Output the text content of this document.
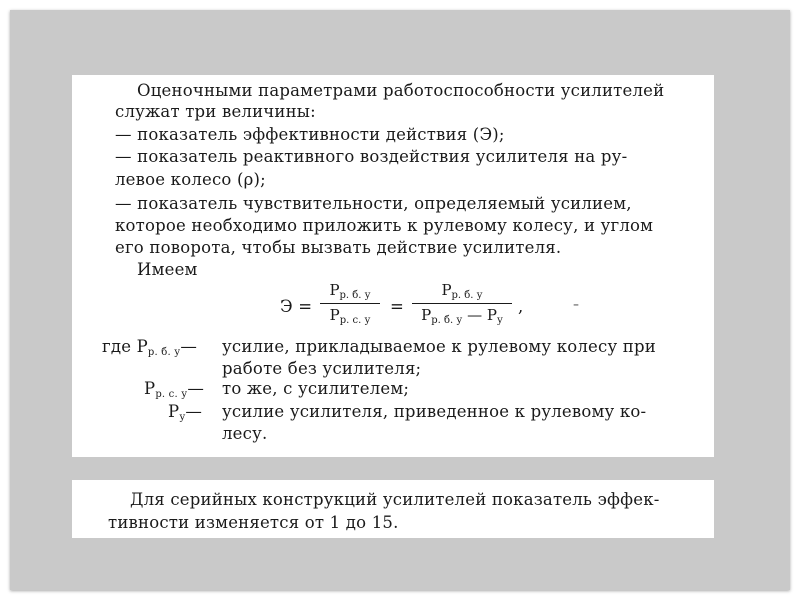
Оценочными параметрами работоспособности усилителей
служат три величины:
— показатель эффективности действия (Э);
— показатель реактивного воздействия усилителя на ру-
левое колесо (ρ);
— показатель чувствительности, определяемый усилием,
которое необходимо приложить к рулевому колесу, и углом
его поворота, чтобы вызвать действие усилителя.
Имеем
Э =
$P_{р. б. у}$
$P_{р. с. у}$
=
$P_{р. б. у}$
$P_{р. б. у}$ — $P_у$
,	¯
где $P_{р. б. у}—$ усилие, прикладываемое к рулевому колесу при
работе без усилителя;
$P_{р. с. у}—$ то же, с усилителем;
$P_у—$ усилие усилителя, приведенное к рулевому ко-
лесу.
Для серийных конструкций усилителей показатель эффек-
тивности изменяется от 1 до 15.
